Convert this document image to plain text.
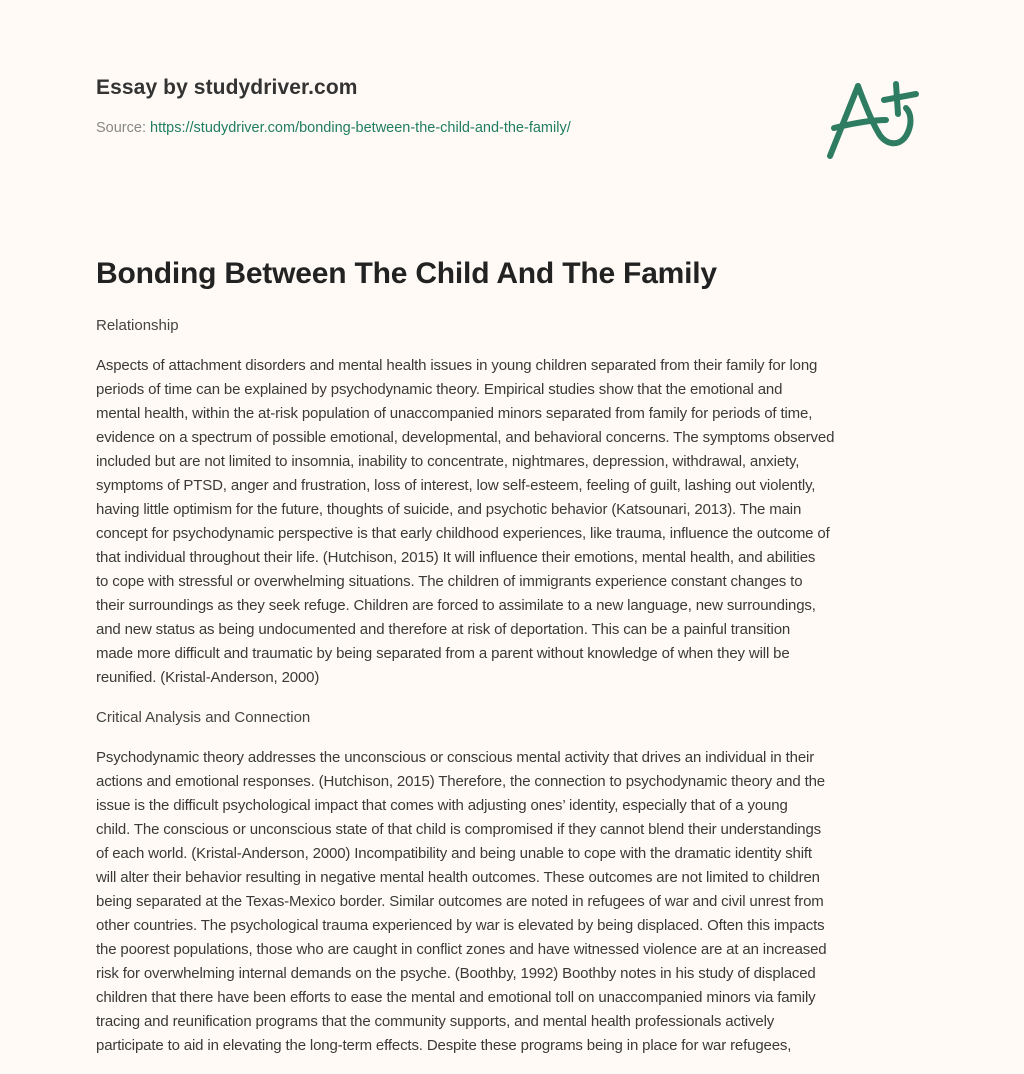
Essay by studydriver.com
Source: https://studydriver.com/bonding-between-the-child-and-the-family/
Bonding Between The Child And The Family
Relationship

Aspects of attachment disorders and mental health issues in young children separated from their family for long
periods of time can be explained by psychodynamic theory. Empirical studies show that the emotional and
mental health, within the at-risk population of unaccompanied minors separated from family for periods of time,
evidence on a spectrum of possible emotional, developmental, and behavioral concerns. The symptoms observed
included but are not limited to insomnia, inability to concentrate, nightmares, depression, withdrawal, anxiety,
symptoms of PTSD, anger and frustration, loss of interest, low self-esteem, feeling of guilt, lashing out violently,
having little optimism for the future, thoughts of suicide, and psychotic behavior (Katsounari, 2013). The main
concept for psychodynamic perspective is that early childhood experiences, like trauma, influence the outcome of
that individual throughout their life. (Hutchison, 2015) It will influence their emotions, mental health, and abilities
to cope with stressful or overwhelming situations. The children of immigrants experience constant changes to
their surroundings as they seek refuge. Children are forced to assimilate to a new language, new surroundings,
and new status as being undocumented and therefore at risk of deportation. This can be a painful transition
made more difficult and traumatic by being separated from a parent without knowledge of when they will be
reunified. (Kristal-Anderson, 2000)

Critical Analysis and Connection

Psychodynamic theory addresses the unconscious or conscious mental activity that drives an individual in their
actions and emotional responses. (Hutchison, 2015) Therefore, the connection to psychodynamic theory and the
issue is the difficult psychological impact that comes with adjusting ones’ identity, especially that of a young
child. The conscious or unconscious state of that child is compromised if they cannot blend their understandings
of each world. (Kristal-Anderson, 2000) Incompatibility and being unable to cope with the dramatic identity shift
will alter their behavior resulting in negative mental health outcomes. These outcomes are not limited to children
being separated at the Texas-Mexico border. Similar outcomes are noted in refugees of war and civil unrest from
other countries. The psychological trauma experienced by war is elevated by being displaced. Often this impacts
the poorest populations, those who are caught in conflict zones and have witnessed violence are at an increased
risk for overwhelming internal demands on the psyche. (Boothby, 1992) Boothby notes in his study of displaced
children that there have been efforts to ease the mental and emotional toll on unaccompanied minors via family
tracing and reunification programs that the community supports, and mental health professionals actively
participate to aid in elevating the long-term effects. Despite these programs being in place for war refugees,
